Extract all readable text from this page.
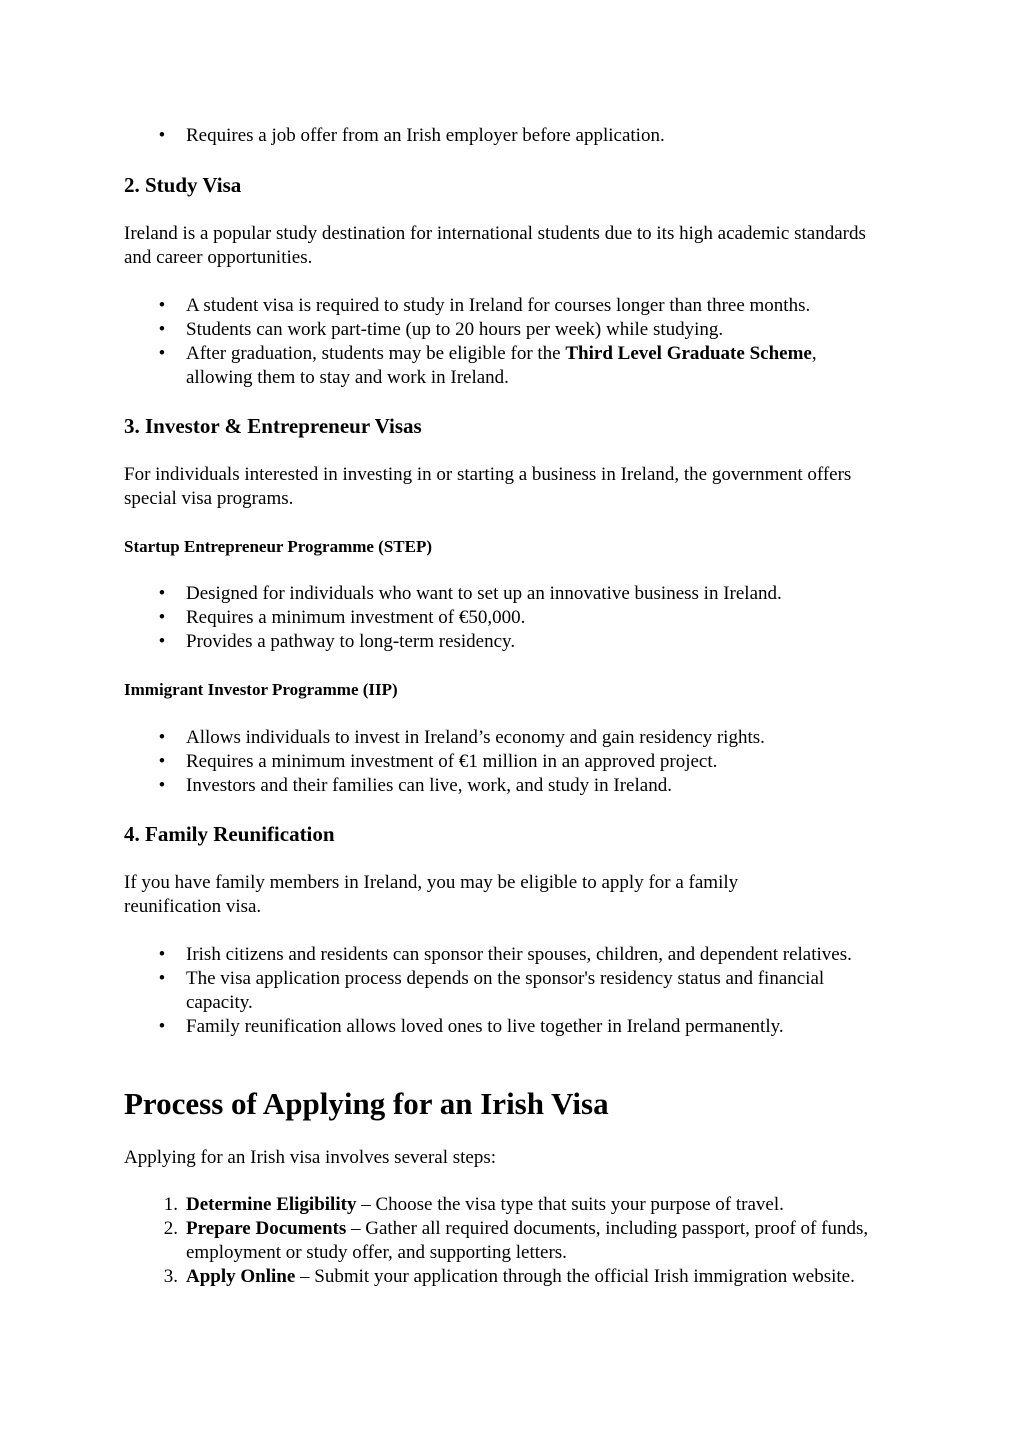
• Requires a job offer from an Irish employer before application.
2. Study Visa

Ireland is a popular study destination for international students due to its high academic standards and career opportunities.

• A student visa is required to study in Ireland for courses longer than three months.
• Students can work part-time (up to 20 hours per week) while studying.
• After graduation, students may be eligible for the Third Level Graduate Scheme, allowing them to stay and work in Ireland.
3. Investor & Entrepreneur Visas

For individuals interested in investing in or starting a business in Ireland, the government offers special visa programs.

Startup Entrepreneur Programme (STEP)
• Designed for individuals who want to set up an innovative business in Ireland.
• Requires a minimum investment of €50,000.
• Provides a pathway to long-term residency.
Immigrant Investor Programme (IIP)
• Allows individuals to invest in Ireland’s economy and gain residency rights.
• Requires a minimum investment of €1 million in an approved project.
• Investors and their families can live, work, and study in Ireland.
4. Family Reunification

If you have family members in Ireland, you may be eligible to apply for a family reunification visa.

• Irish citizens and residents can sponsor their spouses, children, and dependent relatives.
• The visa application process depends on the sponsor's residency status and financial capacity.
• Family reunification allows loved ones to live together in Ireland permanently.
Process of Applying for an Irish Visa

Applying for an Irish visa involves several steps:

1. Determine Eligibility – Choose the visa type that suits your purpose of travel.
2. Prepare Documents – Gather all required documents, including passport, proof of funds, employment or study offer, and supporting letters.
3. Apply Online – Submit your application through the official Irish immigration website.
